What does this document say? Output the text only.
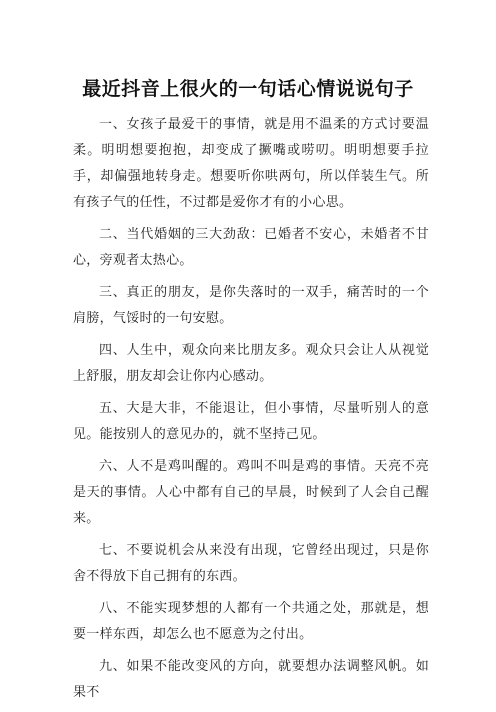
最近抖音上很火的一句话心情说说句子

一、女孩子最爱干的事情，就是用不温柔的方式讨要温柔。明明想要抱抱，却变成了撅嘴或唠叨。明明想要手拉手，却偏强地转身走。想要听你哄两句，所以佯装生气。所有孩子气的任性，不过都是爱你才有的小心思。

二、当代婚姻的三大劲敌：已婚者不安心，未婚者不甘心，旁观者太热心。

三、真正的朋友，是你失落时的一双手，痛苦时的一个肩膀，气馁时的一句安慰。

四、人生中，观众向来比朋友多。观众只会让人从视觉上舒服，朋友却会让你内心感动。

五、大是大非，不能退让，但小事情，尽量听别人的意见。能按别人的意见办的，就不坚持己见。

六、人不是鸡叫醒的。鸡叫不叫是鸡的事情。天亮不亮是天的事情。人心中都有自己的早晨，时候到了人会自己醒来。

七、不要说机会从来没有出现，它曾经出现过，只是你舍不得放下自己拥有的东西。

八、不能实现梦想的人都有一个共通之处，那就是，想要一样东西，却怎么也不愿意为之付出。

九、如果不能改变风的方向，就要想办法调整风帆。如果不
